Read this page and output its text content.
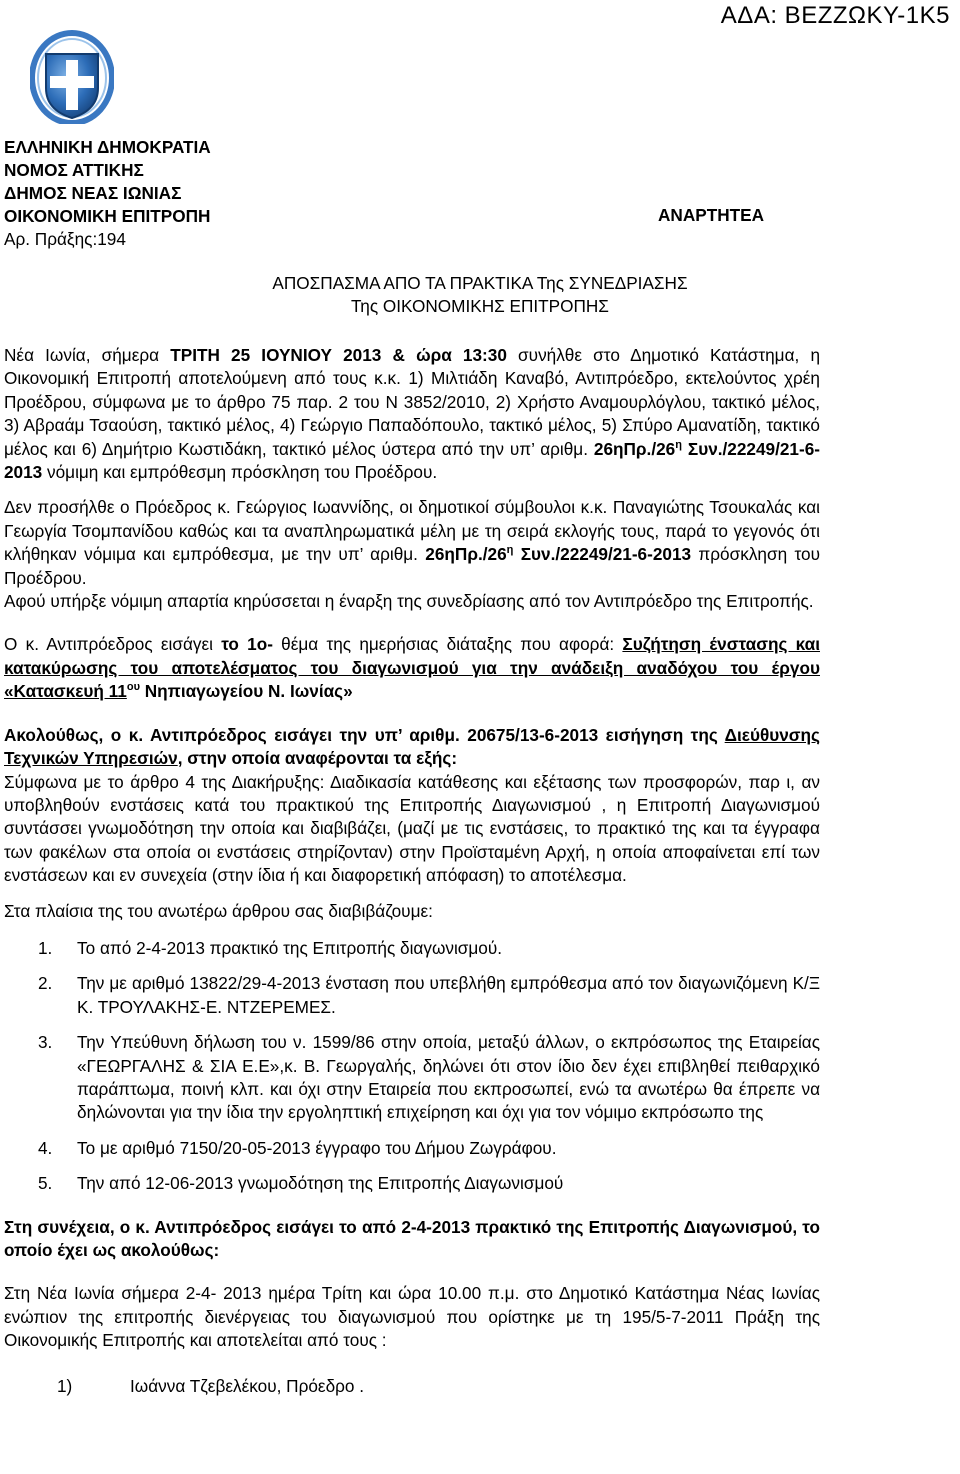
ΑΔΑ: ΒΕΖΖΩΚΥ-1Κ5
ΕΛΛΗΝΙΚΗ ΔΗΜΟΚΡΑΤΙΑ
ΝΟΜΟΣ ΑΤΤΙΚΗΣ
ΔΗΜΟΣ ΝΕΑΣ ΙΩΝΙΑΣ
ΟΙΚΟΝΟΜΙΚΗ ΕΠΙΤΡΟΠΗ
Αρ. Πράξης:194
ΑΝΑΡΤΗΤΕΑ
ΑΠΟΣΠΑΣΜΑ ΑΠΟ ΤΑ ΠΡΑΚΤΙΚΑ Της ΣΥΝΕΔΡΙΑΣΗΣ
Της ΟΙΚΟΝΟΜΙΚΗΣ ΕΠΙΤΡΟΠΗΣ

Νέα Ιωνία, σήμερα ΤΡΙΤΗ 25 ΙΟΥΝΙΟΥ 2013 & ώρα 13:30 συνήλθε στο Δημοτικό Κατάστημα, η Οικονομική Επιτροπή αποτελούμενη από τους κ.κ. 1) Μιλτιάδη Καναβό, Αντιπρόεδρο, εκτελούντος χρέη Προέδρου, σύμφωνα με το άρθρο 75 παρ. 2 του Ν 3852/2010, 2) Χρήστο Αναμουρλόγλου, τακτικό μέλος, 3) Αβραάμ Τσαούση, τακτικό μέλος, 4) Γεώργιο Παπαδόπουλο, τακτικό μέλος, 5) Σπύρο Αμανατίδη, τακτικό μέλος και 6) Δημήτριο Κωστιδάκη, τακτικό μέλος ύστερα από την υπ’ αριθμ. $26\eta\Pi\rho./26^\eta$ Συν./22249/21-6-2013 νόμιμη και εμπρόθεσμη πρόσκληση του Προέδρου.

Δεν προσήλθε ο Πρόεδρος κ. Γεώργιος Ιωαννίδης, οι δημοτικοί σύμβουλοι κ.κ. Παναγιώτης Τσουκαλάς και Γεωργία Τσομπανίδου καθώς και τα αναπληρωματικά μέλη με τη σειρά εκλογής τους, παρά το γεγονός ότι κλήθηκαν νόμιμα και εμπρόθεσμα, με την υπ’ αριθμ. $26\eta\Pi\rho./26^\eta$ Συν./22249/21-6-2013 πρόσκληση του Προέδρου.

Αφού υπήρξε νόμιμη απαρτία κηρύσσεται η έναρξη της συνεδρίασης από τον Αντιπρόεδρο της Επιτροπής.

Ο κ. Αντιπρόεδρος εισάγει το 1ο- θέμα της ημερήσιας διάταξης που αφορά: Συζήτηση ένστασης και κατακύρωσης του αποτελέσματος του διαγωνισμού για την ανάδειξη αναδόχου του έργου «Κατασκευή $11^{o\upsilon}$ Νηπιαγωγείου Ν. Ιωνίας»

Ακολούθως, ο κ. Αντιπρόεδρος εισάγει την υπ’ αριθμ. 20675/13-6-2013 εισήγηση της Διεύθυνσης Τεχνικών Υπηρεσιών, στην οποία αναφέρονται τα εξής:

Σύμφωνα με το άρθρο 4 της Διακήρυξης: Διαδικασία κατάθεσης και εξέτασης των προσφορών, παρ ι, αν υποβληθούν ενστάσεις κατά του πρακτικού της Επιτροπής Διαγωνισμού , η Επιτροπή Διαγωνισμού συντάσσει γνωμοδότηση την οποία και διαβιβάζει, (μαζί με τις ενστάσεις, το πρακτικό της και τα έγγραφα των φακέλων στα οποία οι ενστάσεις στηρίζονταν) στην Προϊσταμένη Αρχή, η οποία αποφαίνεται επί των ενστάσεων και εν συνεχεία (στην ίδια ή και διαφορετική απόφαση) το αποτέλεσμα.

Στα πλαίσια της του ανωτέρω άρθρου σας διαβιβάζουμε:

1. Το από 2-4-2013 πρακτικό της Επιτροπής διαγωνισμού.
2. Την με αριθμό 13822/29-4-2013 ένσταση που υπεβλήθη εμπρόθεσμα από τον διαγωνιζόμενη Κ/Ξ Κ. ΤΡΟΥΛΑΚΗΣ-Ε. ΝΤΖΕΡΕΜΕΣ.
3. Την Υπεύθυνη δήλωση του ν. 1599/86 στην οποία, μεταξύ άλλων, ο εκπρόσωπος της Εταιρείας «ΓΕΩΡΓΑΛΗΣ & ΣΙΑ Ε.Ε»,κ. Β. Γεωργαλής, δηλώνει ότι στον ίδιο δεν έχει επιβληθεί πειθαρχικό παράπτωμα, ποινή κλπ. και όχι στην Εταιρεία που εκπροσωπεί, ενώ τα ανωτέρω θα έπρεπε να δηλώνονται για την ίδια την εργοληπτική επιχείρηση και όχι για τον νόμιμο εκπρόσωπο της
4. Το με αριθμό 7150/20-05-2013 έγγραφο του Δήμου Ζωγράφου.
5. Την από 12-06-2013 γνωμοδότηση της Επιτροπής Διαγωνισμού

Στη συνέχεια, ο κ. Αντιπρόεδρος εισάγει το από 2-4-2013 πρακτικό της Επιτροπής Διαγωνισμού, το οποίο έχει ως ακολούθως:

Στη Νέα Ιωνία σήμερα 2-4- 2013 ημέρα Τρίτη και ώρα 10.00 π.μ. στο Δημοτικό Κατάστημα Νέας Ιωνίας ενώπιον της επιτροπής διενέργειας του διαγωνισμού που ορίστηκε με τη 195/5-7-2011 Πράξη της Οικονομικής Επιτροπής και αποτελείται από τους :

1)	Ιωάννα Τζεβελέκου, Πρόεδρο .
